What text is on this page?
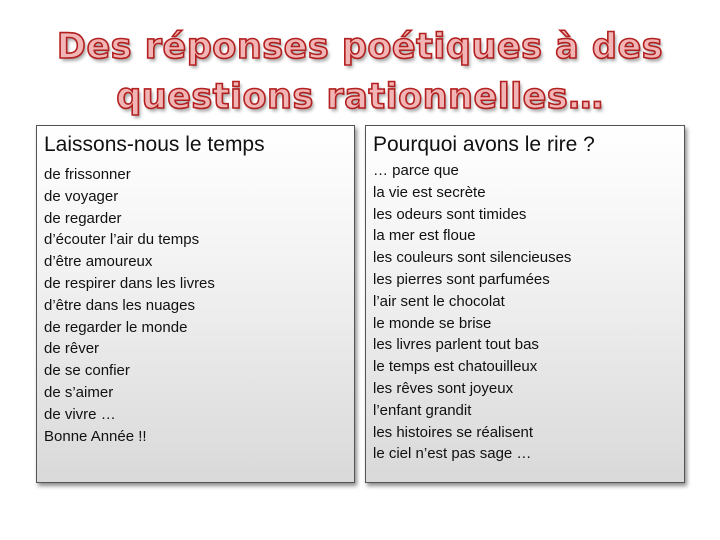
Des réponses poétiques à des
questions rationnelles…
Laissons-nous le temps
de frissonner
de voyager
de regarder
d’écouter l’air du temps
d’être amoureux
de respirer dans les livres
d’être dans les nuages
de regarder le monde
de rêver
de se confier
de s’aimer
de vivre …
Bonne Année !!
Pourquoi avons le rire ?
… parce que
la vie est secrète
les odeurs sont timides
la mer est floue
les couleurs sont silencieuses
les pierres sont parfumées
l’air sent le chocolat
le monde se brise
les livres parlent tout bas
le temps est chatouilleux
les rêves sont joyeux
l’enfant grandit
les histoires se réalisent
le ciel n’est pas sage …
